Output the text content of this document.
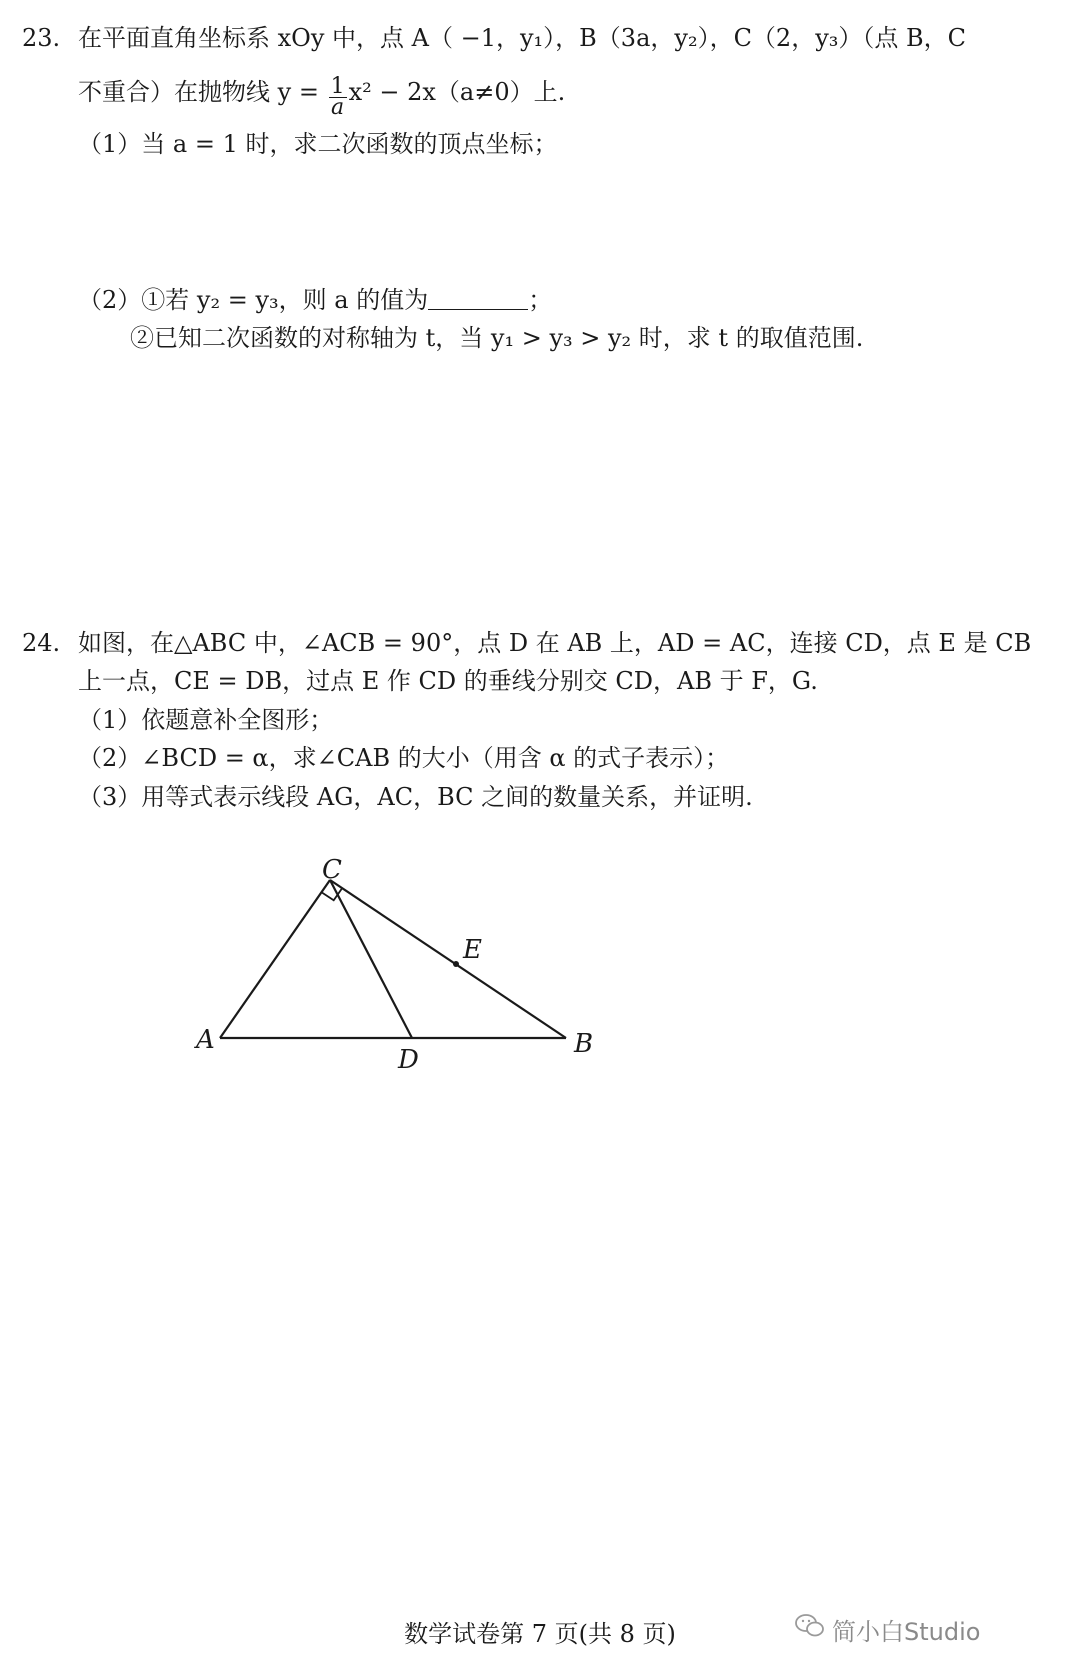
23. 在平面直角坐标系 xOy 中，点 A（ −1，y₁），B（3a，y₂），C（2，y₃）（点 B，C
不重合）在抛物线 $y = \frac{1}{a} x^2 - 2x(a\ne 0)$上.
（1）当 a = 1 时，求二次函数的顶点坐标；
（2）①若 y₂ = y₃，则 a 的值为	；
②已知二次函数的对称轴为 t，当 y₁ > y₃ > y₂ 时，求 t 的取值范围.
24. 如图，在△ABC 中，∠ACB = 90°，点 D 在 AB 上，AD = AC，连接 CD，点 E 是 CB
上一点，CE = DB，过点 E 作 CD 的垂线分别交 CD，AB 于 F，G.
（1）依题意补全图形；
（2）∠BCD = α，求∠CAB 的大小（用含 α 的式子表示）；
（3）用等式表示线段 AG，AC，BC 之间的数量关系，并证明.
C
E
A
D
B
数学试卷第 7 页(共 8 页)	简小白Studio
